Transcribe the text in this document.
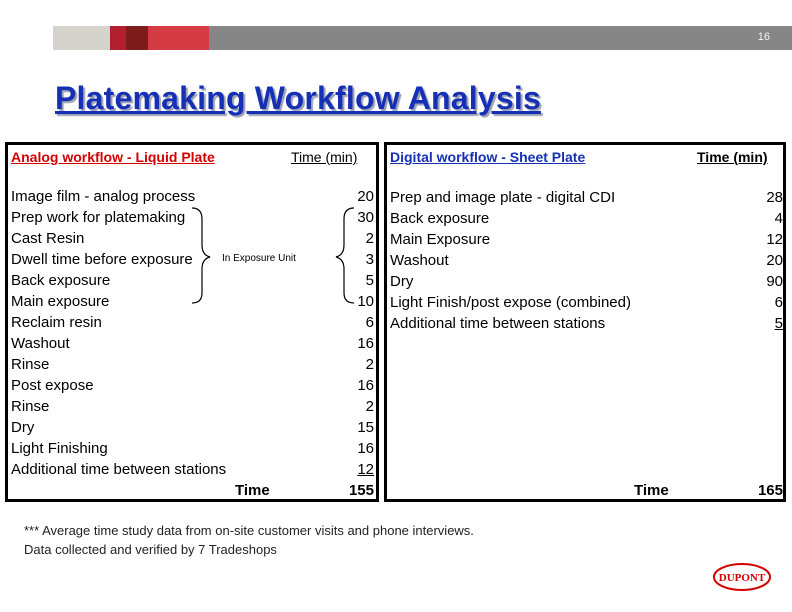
16
Platemaking Workflow Analysis
Analog workflow - Liquid Plate	Time (min)
Image film - analog process	20
Prep work for platemaking	30
Cast Resin	2
Dwell time before exposure	3
Back exposure	5
Main exposure	10
Reclaim resin	6
Washout	16
Rinse	2
Post expose	16
Rinse	2
Dry	15
Light Finishing	16
Additional time between stations	12
Time	155
In Exposure Unit
Digital workflow - Sheet Plate	Time (min)
Prep and image plate - digital CDI	28
Back exposure	4
Main Exposure	12
Washout	20
Dry	90
Light Finish/post expose (combined)	6
Additional time between stations	5
Time	165
*** Average time study data from on-site customer visits and phone interviews.
Data collected and verified by 7 Tradeshops
DUPONT
